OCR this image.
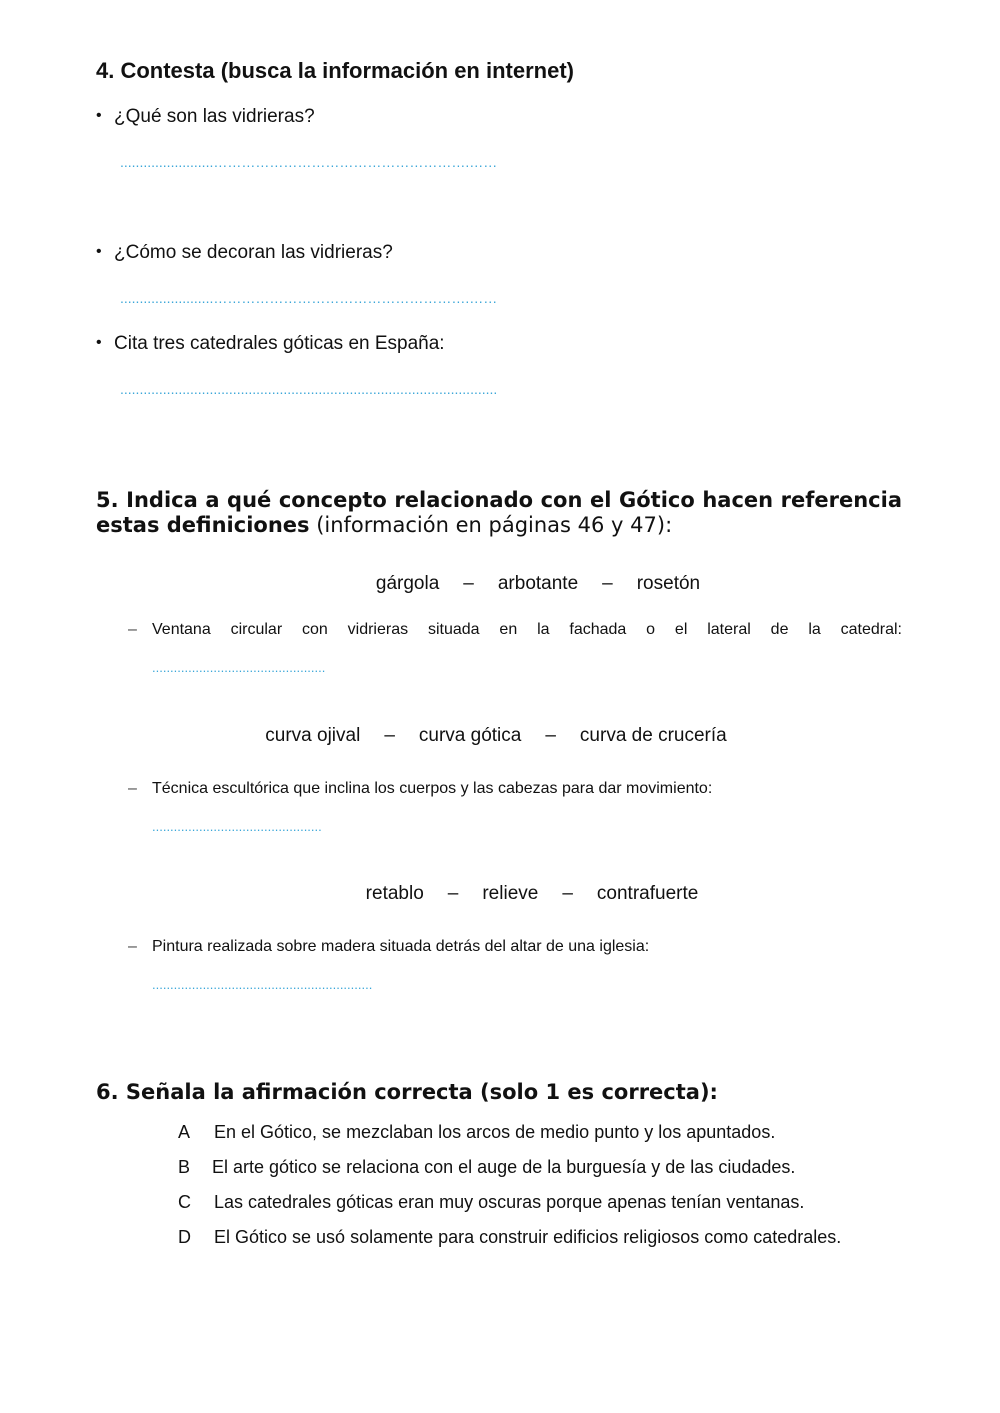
4. Contesta (busca la información en internet)
• ¿Qué son las vidrieras?
........................……………………………………………….……
• ¿Cómo se decoran las vidrieras?
........................……………………………………………….……
• Cita tres catedrales góticas en España:
.................................................................................................
5. Indica a qué concepto relacionado con el Gótico hacen referencia estas definiciones (información en páginas 46 y 47):
gárgola – arbotante – rosetón
– Ventana circular con vidrieras situada en la fachada o el lateral de la catedral:
................................................
curva ojival – curva gótica – curva de crucería
– Técnica escultórica que inclina los cuerpos y las cabezas para dar movimiento:
...............................................
retablo – relieve – contrafuerte
– Pintura realizada sobre madera situada detrás del altar de una iglesia:
.............................................................
6. Señala la afirmación correcta (solo 1 es correcta):
A En el Gótico, se mezclaban los arcos de medio punto y los apuntados.
B El arte gótico se relaciona con el auge de la burguesía y de las ciudades.
C Las catedrales góticas eran muy oscuras porque apenas tenían ventanas.
D El Gótico se usó solamente para construir edificios religiosos como catedrales.
